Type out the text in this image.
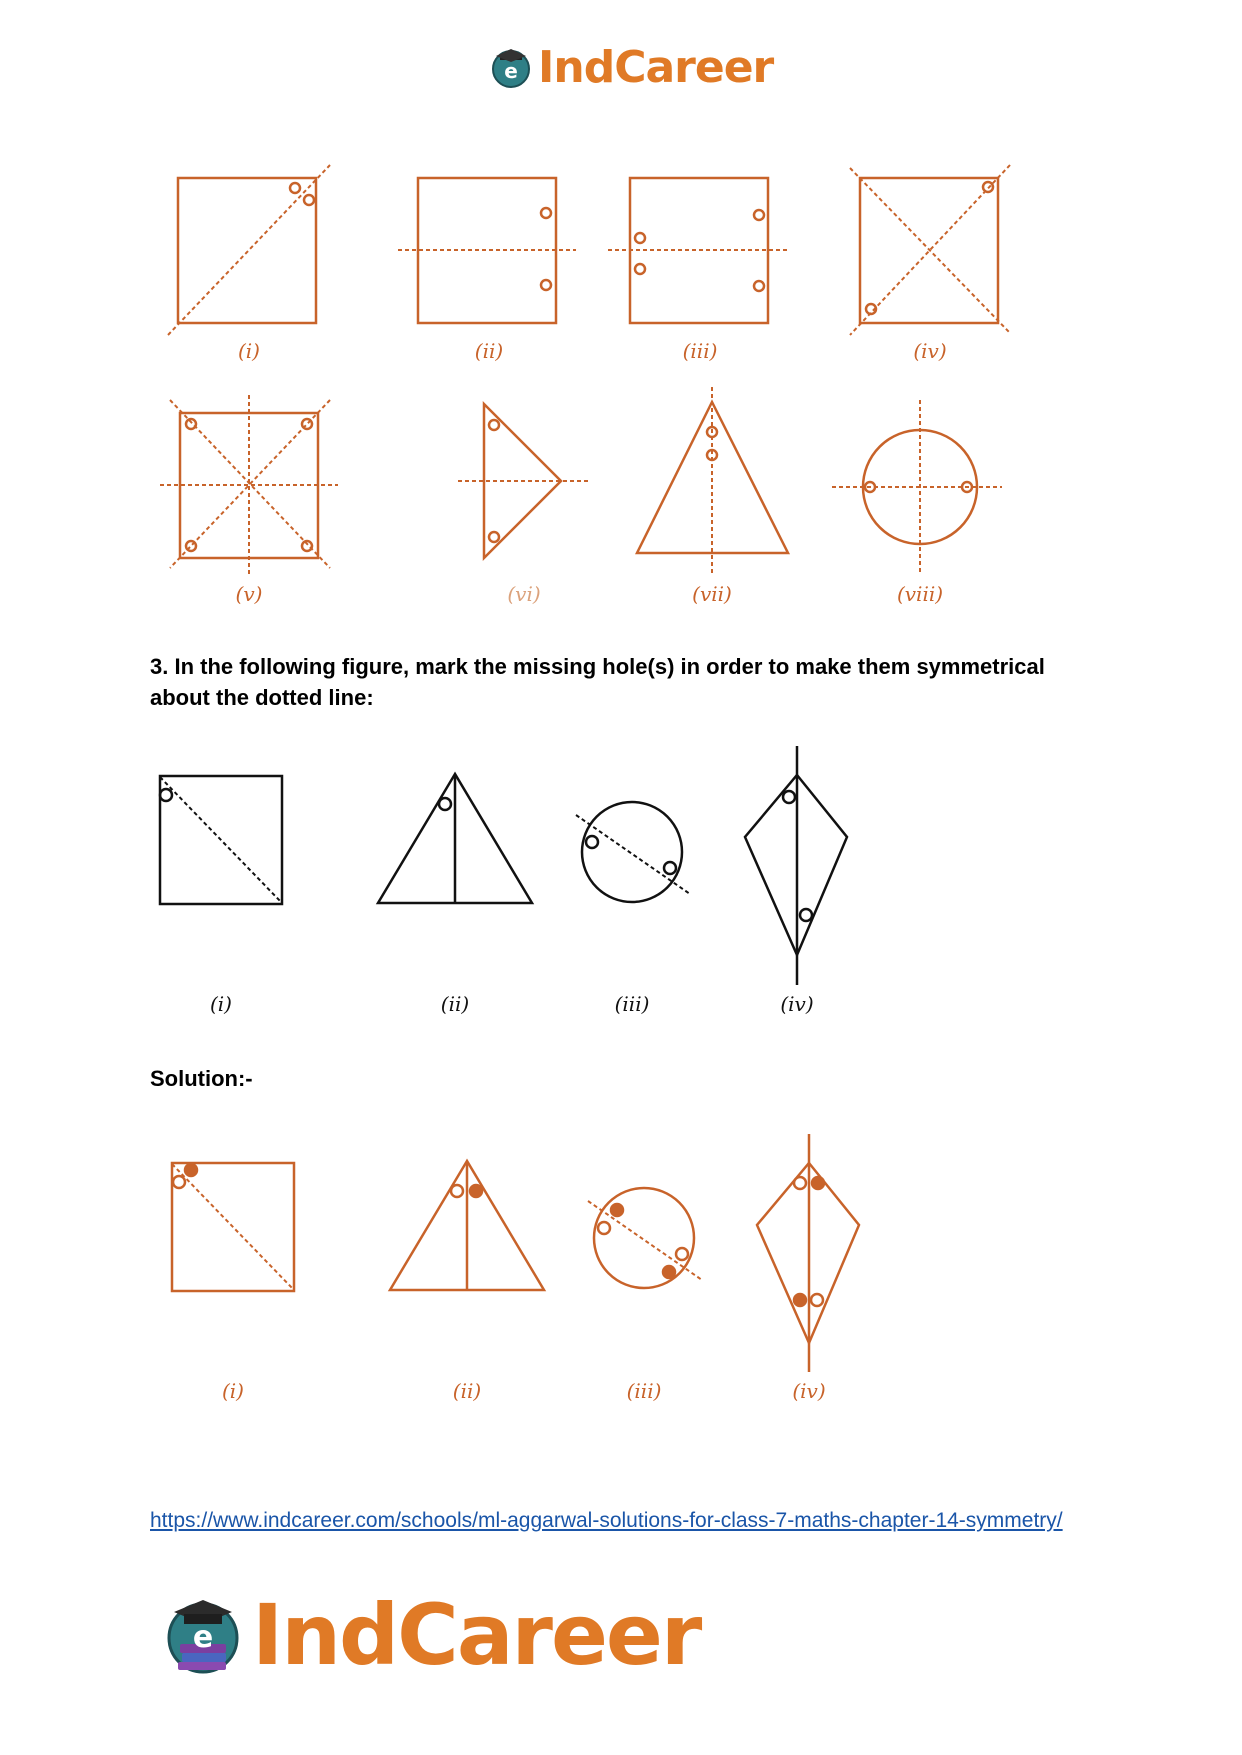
e IndCareer
(i)	(ii)	(iii)	(iv)
(v)	(vi)	(vii)	(viii)
(i)	(ii)	(iii)	(iv)
(i)	(ii)	(iii)	(iv)
3. In the following figure, mark the missing hole(s) in order to make them symmetrical about the dotted line:
Solution:-
https://www.indcareer.com/schools/ml-aggarwal-solutions-for-class-7-maths-chapter-14-symmetry/
e IndCareer
